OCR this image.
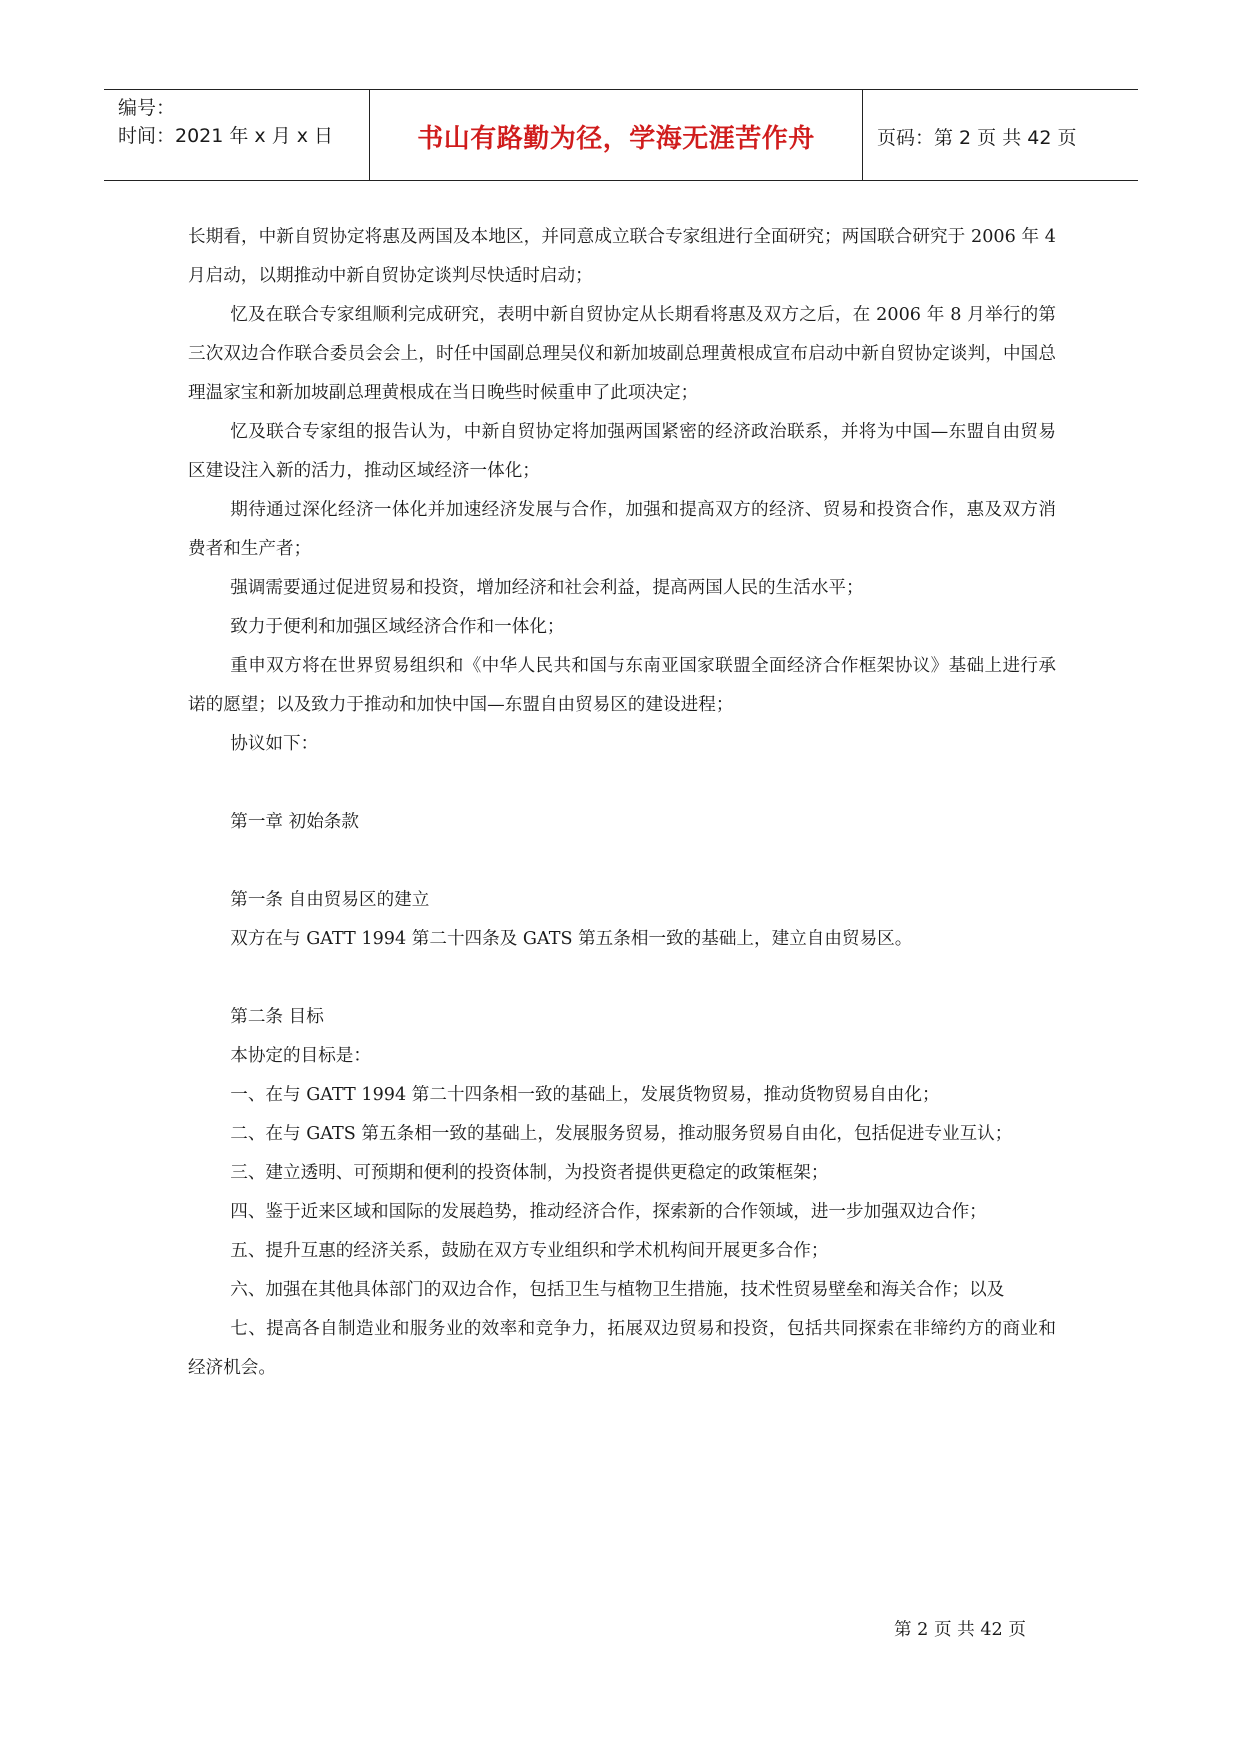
编号：
时间：2021 年 x 月 x 日	书山有路勤为径，学海无涯苦作舟	页码：第 2 页 共 42 页

长期看，中新自贸协定将惠及两国及本地区，并同意成立联合专家组进行全面研究；两国联合研究于 2006 年 4 月启动，以期推动中新自贸协定谈判尽快适时启动；

忆及在联合专家组顺利完成研究，表明中新自贸协定从长期看将惠及双方之后，在 2006 年 8 月举行的第三次双边合作联合委员会会上，时任中国副总理吴仪和新加坡副总理黄根成宣布启动中新自贸协定谈判，中国总理温家宝和新加坡副总理黄根成在当日晚些时候重申了此项决定；

忆及联合专家组的报告认为，中新自贸协定将加强两国紧密的经济政治联系，并将为中国—东盟自由贸易区建设注入新的活力，推动区域经济一体化；

期待通过深化经济一体化并加速经济发展与合作，加强和提高双方的经济、贸易和投资合作，惠及双方消费者和生产者；

强调需要通过促进贸易和投资，增加经济和社会利益，提高两国人民的生活水平；

致力于便利和加强区域经济合作和一体化；

重申双方将在世界贸易组织和《中华人民共和国与东南亚国家联盟全面经济合作框架协议》基础上进行承诺的愿望；以及致力于推动和加快中国—东盟自由贸易区的建设进程；

协议如下：

第一章 初始条款

第一条 自由贸易区的建立

双方在与 GATT 1994 第二十四条及 GATS 第五条相一致的基础上，建立自由贸易区。

第二条 目标

本协定的目标是：

一、在与 GATT 1994 第二十四条相一致的基础上，发展货物贸易，推动货物贸易自由化；

二、在与 GATS 第五条相一致的基础上，发展服务贸易，推动服务贸易自由化，包括促进专业互认；

三、建立透明、可预期和便利的投资体制，为投资者提供更稳定的政策框架；

四、鉴于近来区域和国际的发展趋势，推动经济合作，探索新的合作领域，进一步加强双边合作；

五、提升互惠的经济关系，鼓励在双方专业组织和学术机构间开展更多合作；

六、加强在其他具体部门的双边合作，包括卫生与植物卫生措施，技术性贸易壁垒和海关合作；以及

七、提高各自制造业和服务业的效率和竞争力，拓展双边贸易和投资，包括共同探索在非缔约方的商业和经济机会。

第 2 页 共 42 页
